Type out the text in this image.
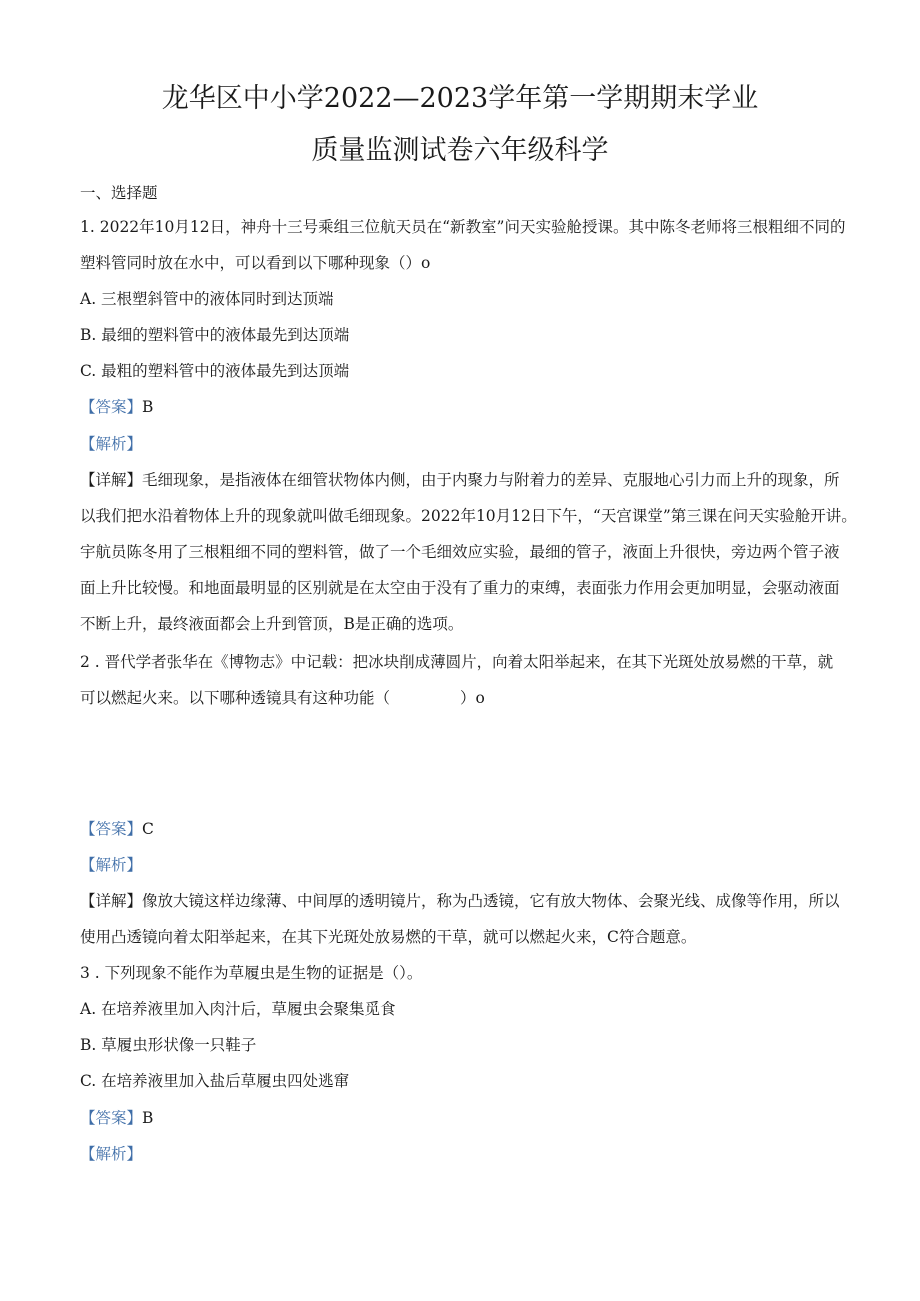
龙华区中小学2022—2023学年第一学期期末学业
质量监测试卷六年级科学
一、选择题
1. 2022年10月12日，神舟十三号乘组三位航天员在“新教室”问天实验舱授课。其中陈冬老师将三根粗细不同的
塑料管同时放在水中，可以看到以下哪种现象（）o
A. 三根塑斜管中的液体同时到达顶端
B. 最细的塑料管中的液体最先到达顶端
C. 最粗的塑料管中的液体最先到达顶端
【答案】B
【解析】
【详解】毛细现象，是指液体在细管状物体内侧，由于内聚力与附着力的差异、克服地心引力而上升的现象，所
以我们把水沿着物体上升的现象就叫做毛细现象。2022年10月12日下午，“天宫课堂”第三课在问天实验舱开讲。
宇航员陈冬用了三根粗细不同的塑料管，做了一个毛细效应实验，最细的管子，液面上升很快，旁边两个管子液
面上升比较慢。和地面最明显的区别就是在太空由于没有了重力的束缚，表面张力作用会更加明显，会驱动液面
不断上升，最终液面都会上升到管顶，B是正确的选项。
2 . 晋代学者张华在《博物志》中记载：把冰块削成薄圆片，向着太阳举起来，在其下光斑处放易燃的干草，就
可以燃起火来。以下哪种透镜具有这种功能（	）o
【答案】C
【解析】
【详解】像放大镜这样边缘薄、中间厚的透明镜片，称为凸透镜，它有放大物体、会聚光线、成像等作用，所以
使用凸透镜向着太阳举起来，在其下光斑处放易燃的干草，就可以燃起火来，C符合题意。
3 . 下列现象不能作为草履虫是生物的证据是（）。
A. 在培养液里加入肉汁后，草履虫会聚集觅食
B. 草履虫形状像一只鞋子
C. 在培养液里加入盐后草履虫四处逃窜
【答案】B
【解析】
